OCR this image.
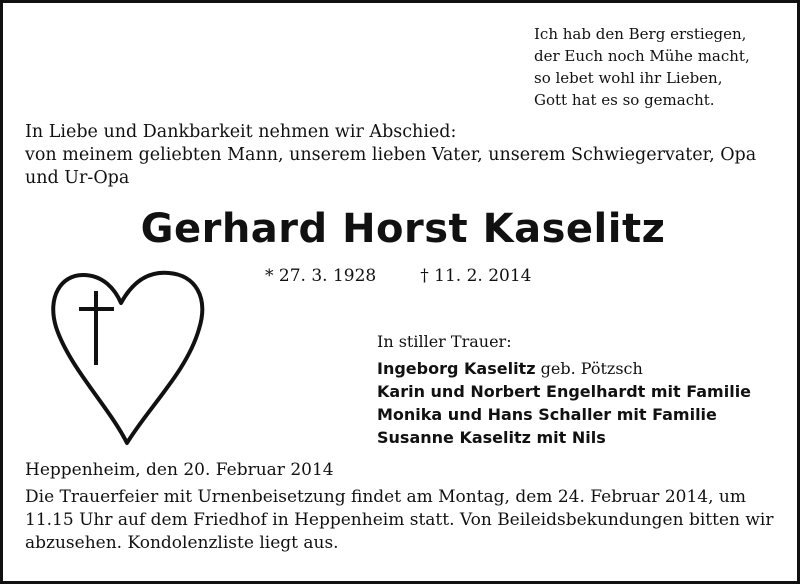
Ich hab den Berg erstiegen,
der Euch noch Mühe macht,
so lebet wohl ihr Lieben,
Gott hat es so gemacht.
In Liebe und Dankbarkeit nehmen wir Abschied:
von meinem geliebten Mann, unserem lieben Vater, unserem Schwiegervater, Opa
und Ur-Opa
Gerhard Horst Kaselitz
* 27. 3. 1928	† 11. 2. 2014
In stiller Trauer:
Ingeborg Kaselitz geb. Pötzsch
Karin und Norbert Engelhardt mit Familie
Monika und Hans Schaller mit Familie
Susanne Kaselitz mit Nils
Heppenheim, den 20. Februar 2014
Die Trauerfeier mit Urnenbeisetzung findet am Montag, dem 24. Februar 2014, um
11.15 Uhr auf dem Friedhof in Heppenheim statt. Von Beileidsbekundungen bitten wir
abzusehen. Kondolenzliste liegt aus.
